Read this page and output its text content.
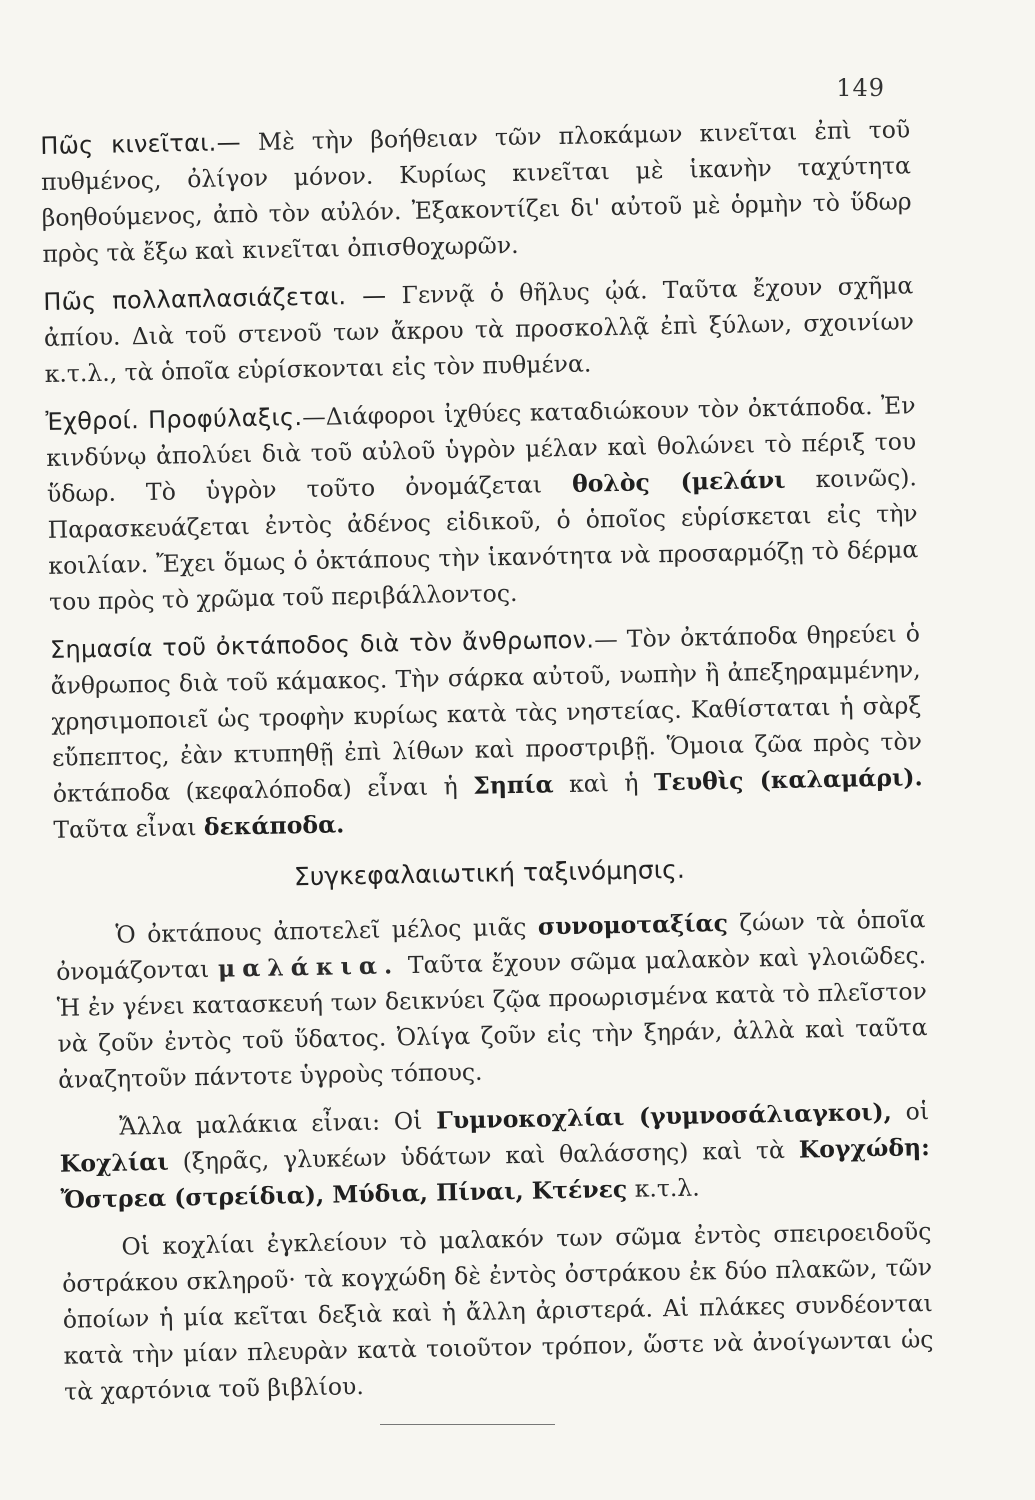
149

Πῶς κινεῖται.— Μὲ τὴν βοήθειαν τῶν πλοκάμων κινεῖται ἐπὶ τοῦ πυθμένος, ὀλίγον μόνον. Κυρίως κινεῖται μὲ ἱκανὴν ταχύτητα βοηθούμενος, ἀπὸ τὸν αὐλόν. Ἐξακοντίζει δι' αὐτοῦ μὲ ὁρμὴν τὸ ὕδωρ πρὸς τὰ ἔξω καὶ κινεῖται ὀπισθοχωρῶν.

Πῶς πολλαπλασιάζεται. — Γεννᾷ ὁ θῆλυς ᾠά. Ταῦτα ἔχουν σχῆμα ἀπίου. Διὰ τοῦ στενοῦ των ἄκρου τὰ προσκολλᾷ ἐπὶ ξύλων, σχοινίων κ.τ.λ., τὰ ὁποῖα εὑρίσκονται εἰς τὸν πυθμένα.

Ἐχθροί. Προφύλαξις.—Διάφοροι ἰχθύες καταδιώκουν τὸν ὀκτάποδα. Ἐν κινδύνῳ ἀπολύει διὰ τοῦ αὐλοῦ ὑγρὸν μέλαν καὶ θολώνει τὸ πέριξ του ὕδωρ. Τὸ ὑγρὸν τοῦτο ὀνομάζεται θολὸς (μελάνι κοινῶς). Παρασκευάζεται ἐντὸς ἀδένος εἰδικοῦ, ὁ ὁποῖος εὑρίσκεται εἰς τὴν κοιλίαν. Ἔχει ὅμως ὁ ὀκτάπους τὴν ἱκανότητα νὰ προσαρμόζῃ τὸ δέρμα του πρὸς τὸ χρῶμα τοῦ περιβάλλοντος.

Σημασία τοῦ ὀκτάποδος διὰ τὸν ἄνθρωπον.— Τὸν ὀκτάποδα θηρεύει ὁ ἄνθρωπος διὰ τοῦ κάμακος. Τὴν σάρκα αὐτοῦ, νωπὴν ἢ ἀπεξηραμμένην, χρησιμοποιεῖ ὡς τροφὴν κυρίως κατὰ τὰς νηστείας. Καθίσταται ἡ σὰρξ εὔπεπτος, ἐὰν κτυπηθῇ ἐπὶ λίθων καὶ προστριβῇ. Ὅμοια ζῶα πρὸς τὸν ὀκτάποδα (κεφαλόποδα) εἶναι ἡ Σηπία καὶ ἡ Τευθὶς (καλαμάρι). Ταῦτα εἶναι δεκάποδα.

Συγκεφαλαιωτική ταξινόμησις.

Ὁ ὀκτάπους ἀποτελεῖ μέλος μιᾶς συνομοταξίας ζώων τὰ ὁποῖα ὀνομάζονται μαλάκια. Ταῦτα ἔχουν σῶμα μαλακὸν καὶ γλοιῶδες. Ἡ ἐν γένει κατασκευή των δεικνύει ζῷα προωρισμένα κατὰ τὸ πλεῖστον νὰ ζοῦν ἐντὸς τοῦ ὕδατος. Ὀλίγα ζοῦν εἰς τὴν ξηράν, ἀλλὰ καὶ ταῦτα ἀναζητοῦν πάντοτε ὑγροὺς τόπους.

Ἄλλα μαλάκια εἶναι: Οἱ Γυμνοκοχλίαι (γυμνοσάλιαγκοι), οἱ Κοχλίαι (ξηρᾶς, γλυκέων ὑδάτων καὶ θαλάσσης) καὶ τὰ Κογχώδη: Ὄστρεα (στρείδια), Μύδια, Πίναι, Κτένες κ.τ.λ.

Οἱ κοχλίαι ἐγκλείουν τὸ μαλακόν των σῶμα ἐντὸς σπειροειδοῦς ὀστράκου σκληροῦ· τὰ κογχώδη δὲ ἐντὸς ὀστράκου ἐκ δύο πλακῶν, τῶν ὁποίων ἡ μία κεῖται δεξιὰ καὶ ἡ ἄλλη ἀριστερά. Αἱ πλάκες συνδέονται κατὰ τὴν μίαν πλευρὰν κατὰ τοιοῦτον τρόπον, ὥστε νὰ ἀνοίγωνται ὡς τὰ χαρτόνια τοῦ βιβλίου.
